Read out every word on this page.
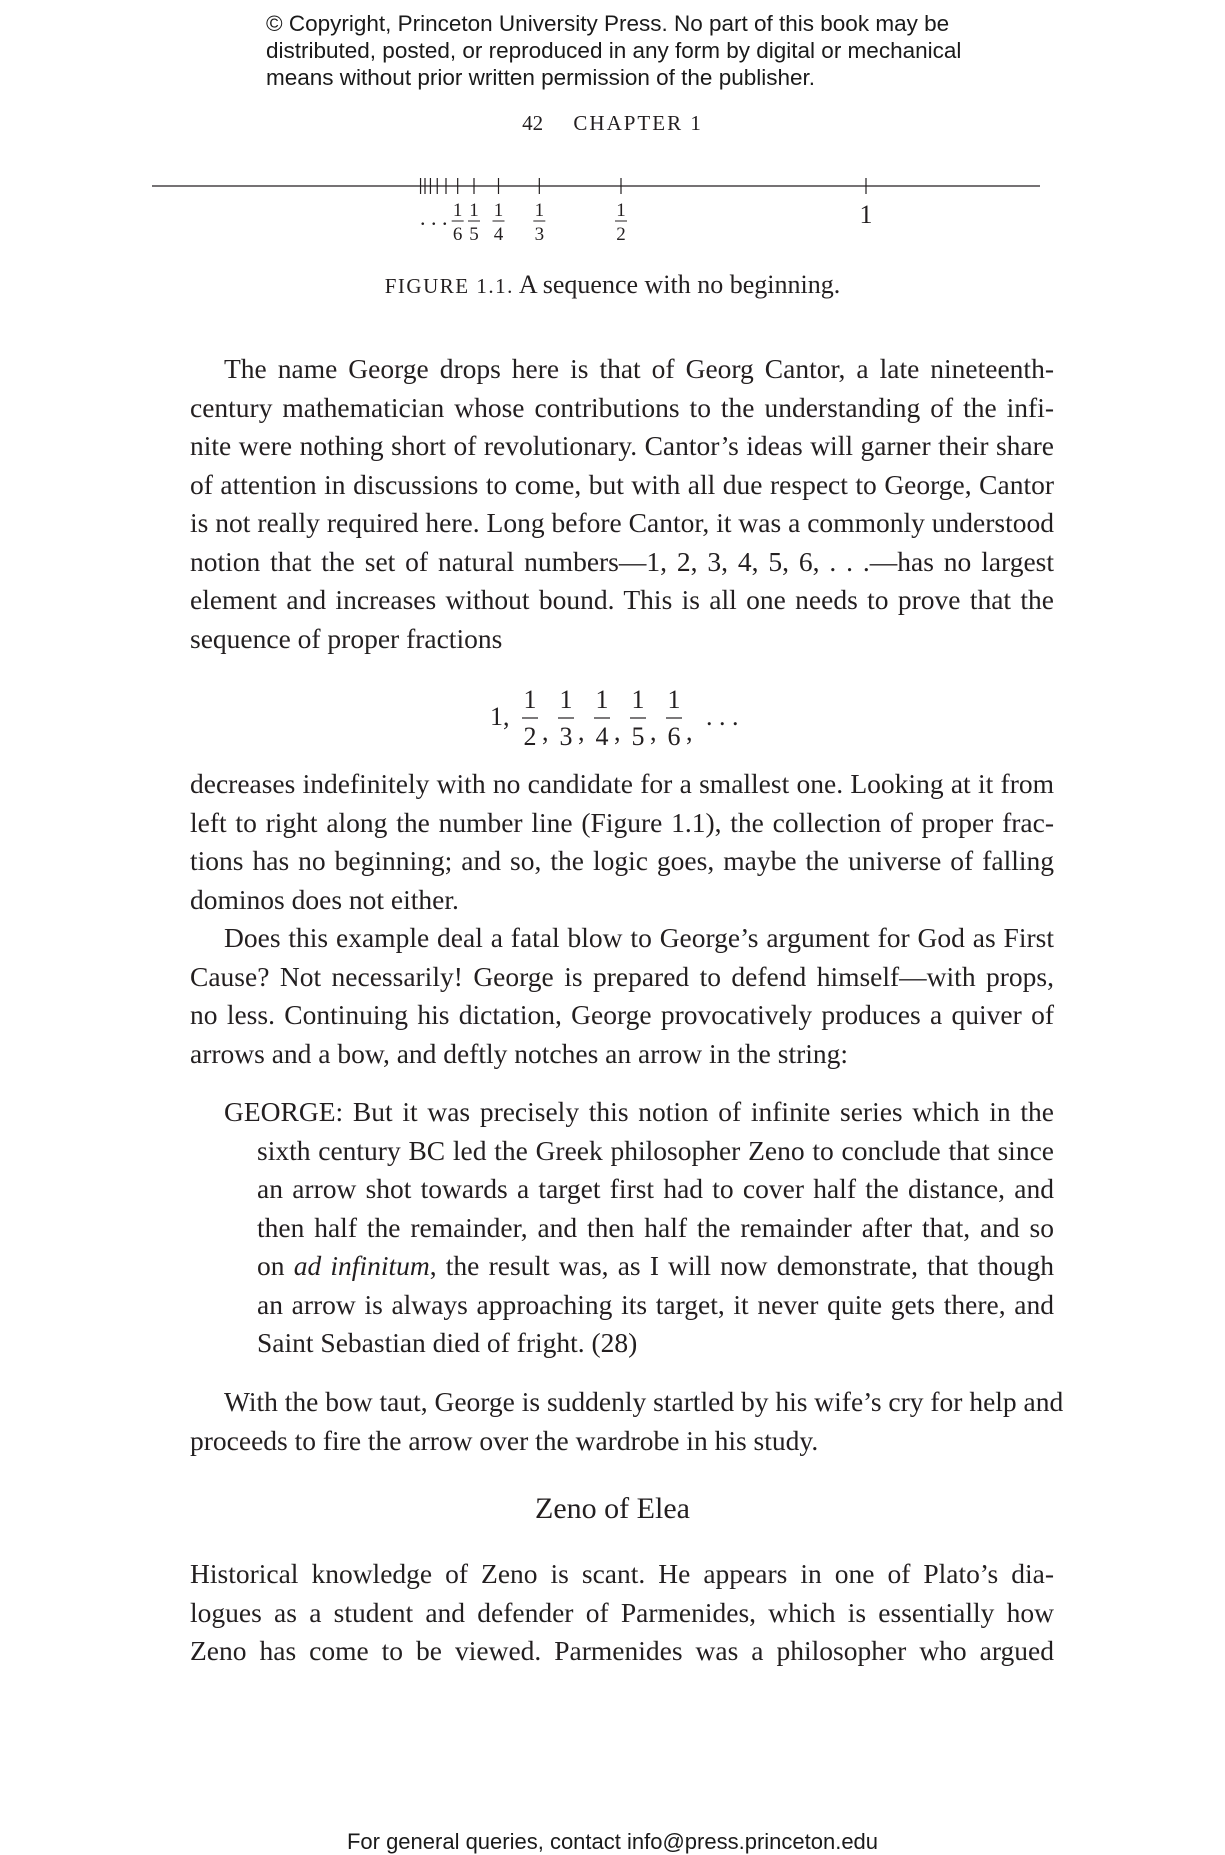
© Copyright, Princeton University Press. No part of this book may be
distributed, posted, or reproduced in any form by digital or mechanical
means without prior written permission of the publisher.
42 CHAPTER 1
. . . 1
6
1
5
1
4
1
3
1
2
1
FIGURE 1.1. A sequence with no beginning.
The name George drops here is that of Georg Cantor, a late nineteenth-
century mathematician whose contributions to the understanding of the infi-
nite were nothing short of revolutionary. Cantor’s ideas will garner their share
of attention in discussions to come, but with all due respect to George, Cantor
is not really required here. Long before Cantor, it was a commonly understood
notion that the set of natural numbers—1, 2, 3, 4, 5, 6, . . .—has no largest
element and increases without bound. This is all one needs to prove that the
sequence of proper fractions
1,
1
2 ,
1
3 ,
1
4 ,
1
5 ,
1
6 ,
. . .
decreases indefinitely with no candidate for a smallest one. Looking at it from
left to right along the number line (Figure 1.1), the collection of proper frac-
tions has no beginning; and so, the logic goes, maybe the universe of falling
dominos does not either.
Does this example deal a fatal blow to George’s argument for God as First
Cause? Not necessarily! George is prepared to defend himself—with props,
no less. Continuing his dictation, George provocatively produces a quiver of
arrows and a bow, and deftly notches an arrow in the string:
GEORGE: But it was precisely this notion of infinite series which in the
sixth century BC led the Greek philosopher Zeno to conclude that since
an arrow shot towards a target first had to cover half the distance, and
then half the remainder, and then half the remainder after that, and so
on ad infinitum, the result was, as I will now demonstrate, that though
an arrow is always approaching its target, it never quite gets there, and
Saint Sebastian died of fright. (28)
With the bow taut, George is suddenly startled by his wife’s cry for help and
proceeds to fire the arrow over the wardrobe in his study.
Zeno of Elea
Historical knowledge of Zeno is scant. He appears in one of Plato’s dia-
logues as a student and defender of Parmenides, which is essentially how
Zeno has come to be viewed. Parmenides was a philosopher who argued
For general queries, contact info@press.princeton.edu
